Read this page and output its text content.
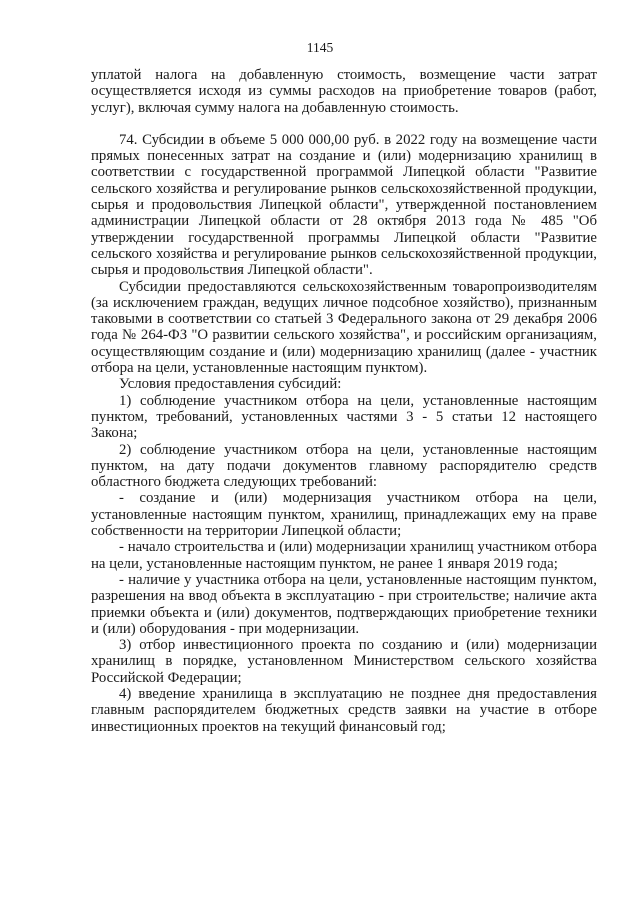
1145

уплатой налога на добавленную стоимость, возмещение части затрат осуществляется исходя из суммы расходов на приобретение товаров (работ, услуг), включая сумму налога на добавленную стоимость.

74. Субсидии в объеме 5 000 000,00 руб. в 2022 году на возмещение части прямых понесенных затрат на создание и (или) модернизацию хранилищ в соответствии с государственной программой Липецкой области "Развитие сельского хозяйства и регулирование рынков сельскохозяйственной продукции, сырья и продовольствия Липецкой области", утвержденной постановлением администрации Липецкой области от 28 октября 2013 года № 485 "Об утверждении государственной программы Липецкой области "Развитие сельского хозяйства и регулирование рынков сельскохозяйственной продукции, сырья и продовольствия Липецкой области".

Субсидии предоставляются сельскохозяйственным товаропроизводителям (за исключением граждан, ведущих личное подсобное хозяйство), признанным таковыми в соответствии со статьей 3 Федерального закона от 29 декабря 2006 года № 264-ФЗ "О развитии сельского хозяйства", и российским организациям, осуществляющим создание и (или) модернизацию хранилищ (далее - участник отбора на цели, установленные настоящим пунктом).

Условия предоставления субсидий:

1) соблюдение участником отбора на цели, установленные настоящим пунктом, требований, установленных частями 3 - 5 статьи 12 настоящего Закона;

2) соблюдение участником отбора на цели, установленные настоящим пунктом, на дату подачи документов главному распорядителю средств областного бюджета следующих требований:

- создание и (или) модернизация участником отбора на цели, установленные настоящим пунктом, хранилищ, принадлежащих ему на праве собственности на территории Липецкой области;

- начало строительства и (или) модернизации хранилищ участником отбора на цели, установленные настоящим пунктом, не ранее 1 января 2019 года;

- наличие у участника отбора на цели, установленные настоящим пунктом, разрешения на ввод объекта в эксплуатацию - при строительстве; наличие акта приемки объекта и (или) документов, подтверждающих приобретение техники и (или) оборудования - при модернизации.

3) отбор инвестиционного проекта по созданию и (или) модернизации хранилищ в порядке, установленном Министерством сельского хозяйства Российской Федерации;

4) введение хранилища в эксплуатацию не позднее дня предоставления главным распорядителем бюджетных средств заявки на участие в отборе инвестиционных проектов на текущий финансовый год;
